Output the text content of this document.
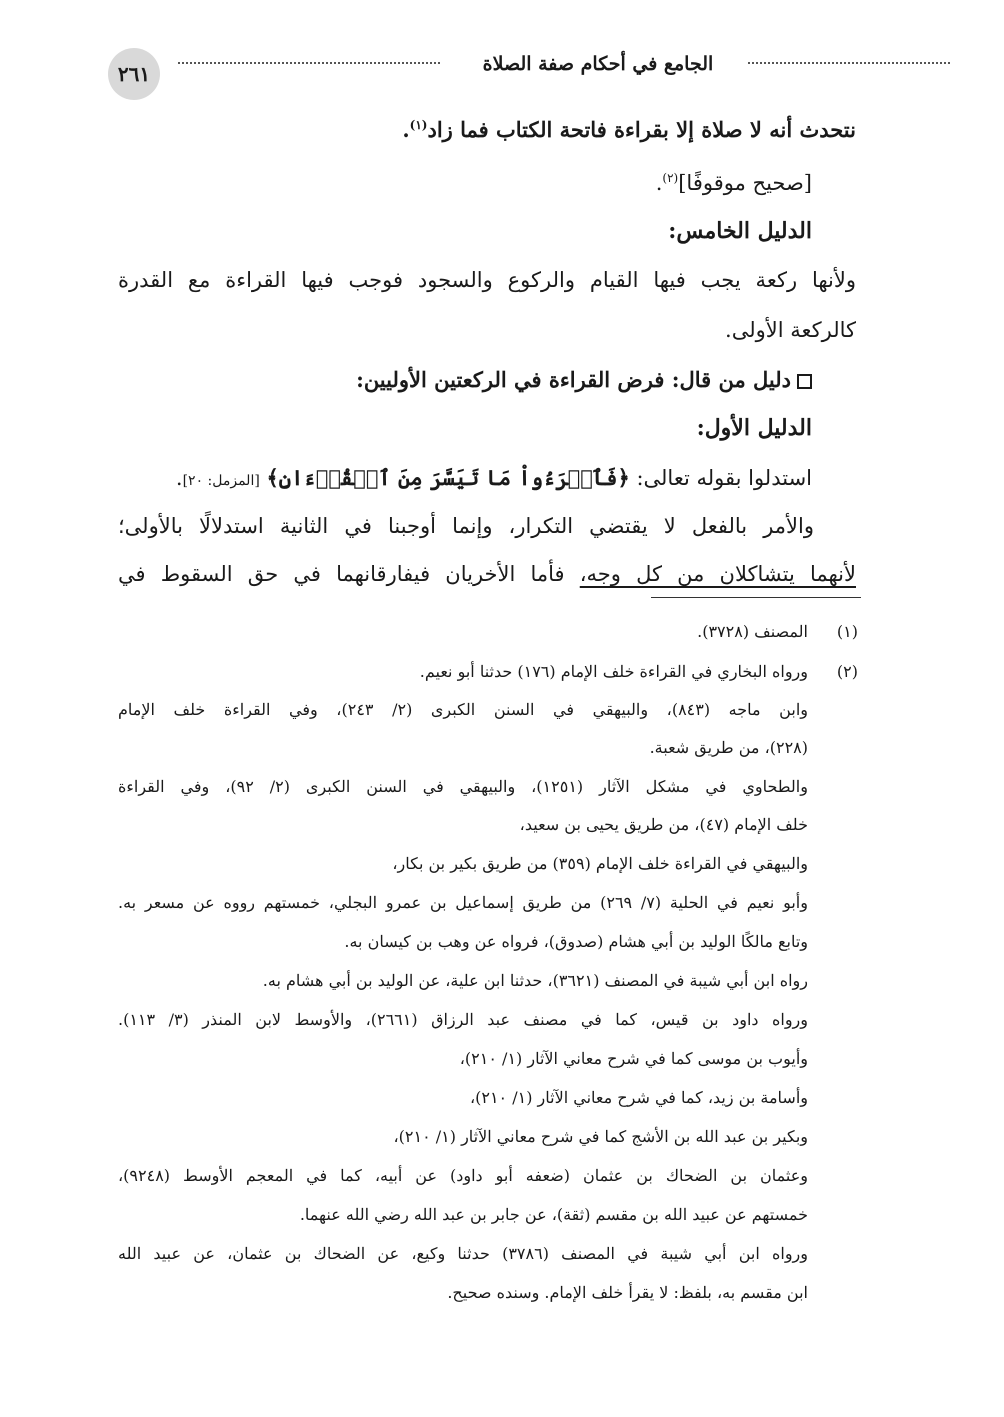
٢٦١	الجامع في أحكام صفة الصلاة
نتحدث أنه لا صلاة إلا بقراءة فاتحة الكتاب فما زاد$^{(١)}$.
[صحيح موقوفًا]$^{(٢)}$.
الدليل الخامس:
ولأنها ركعة يجب فيها القيام والركوع والسجود فوجب فيها القراءة مع القدرة
كالركعة الأولى.
دليل من قال: فرض القراءة في الركعتين الأوليين:
الدليل الأول:
استدلوا بقوله تعالى: ﴿فَٱقۡرَءُواْ مَا تَيَسَّرَ مِنَ ٱلۡقُرۡءَانِ﴾ [المزمل: ٢٠].
والأمر بالفعل لا يقتضي التكرار، وإنما أوجبنا في الثانية استدلالًا بالأولى؛
لأنهما يتشاكلان من كل وجه، فأما الأخريان فيفارقانهما في حق السقوط في
(١)
المصنف (٣٧٢٨).
(٢)
ورواه البخاري في القراءة خلف الإمام (١٧٦) حدثنا أبو نعيم.
وابن ماجه (٨٤٣)، والبيهقي في السنن الكبرى (٢/ ٢٤٣)، وفي القراءة خلف الإمام
(٢٢٨)، من طريق شعبة.
والطحاوي في مشكل الآثار (١٢٥١)، والبيهقي في السنن الكبرى (٢/ ٩٢)، وفي القراءة
خلف الإمام (٤٧)، من طريق يحيى بن سعيد،
والبيهقي في القراءة خلف الإمام (٣٥٩) من طريق بكير بن بكار،
وأبو نعيم في الحلية (٧/ ٢٦٩) من طريق إسماعيل بن عمرو البجلي، خمستهم رووه عن مسعر به.
وتابع مالكًا الوليد بن أبي هشام (صدوق)، فرواه عن وهب بن كيسان به.
رواه ابن أبي شيبة في المصنف (٣٦٢١)، حدثنا ابن علية، عن الوليد بن أبي هشام به.
ورواه داود بن قيس، كما في مصنف عبد الرزاق (٢٦٦١)، والأوسط لابن المنذر (٣/ ١١٣).
وأيوب بن موسى كما في شرح معاني الآثار (١/ ٢١٠)،
وأسامة بن زيد، كما في شرح معاني الآثار (١/ ٢١٠)،
وبكير بن عبد الله بن الأشج كما في شرح معاني الآثار (١/ ٢١٠)،
وعثمان بن الضحاك بن عثمان (ضعفه أبو داود) عن أبيه، كما في المعجم الأوسط (٩٢٤٨)،
خمستهم عن عبيد الله بن مقسم (ثقة)، عن جابر بن عبد الله رضي الله عنهما.
ورواه ابن أبي شيبة في المصنف (٣٧٨٦) حدثنا وكيع، عن الضحاك بن عثمان، عن عبيد الله
ابن مقسم به، بلفظ: لا يقرأ خلف الإمام. وسنده صحيح.
